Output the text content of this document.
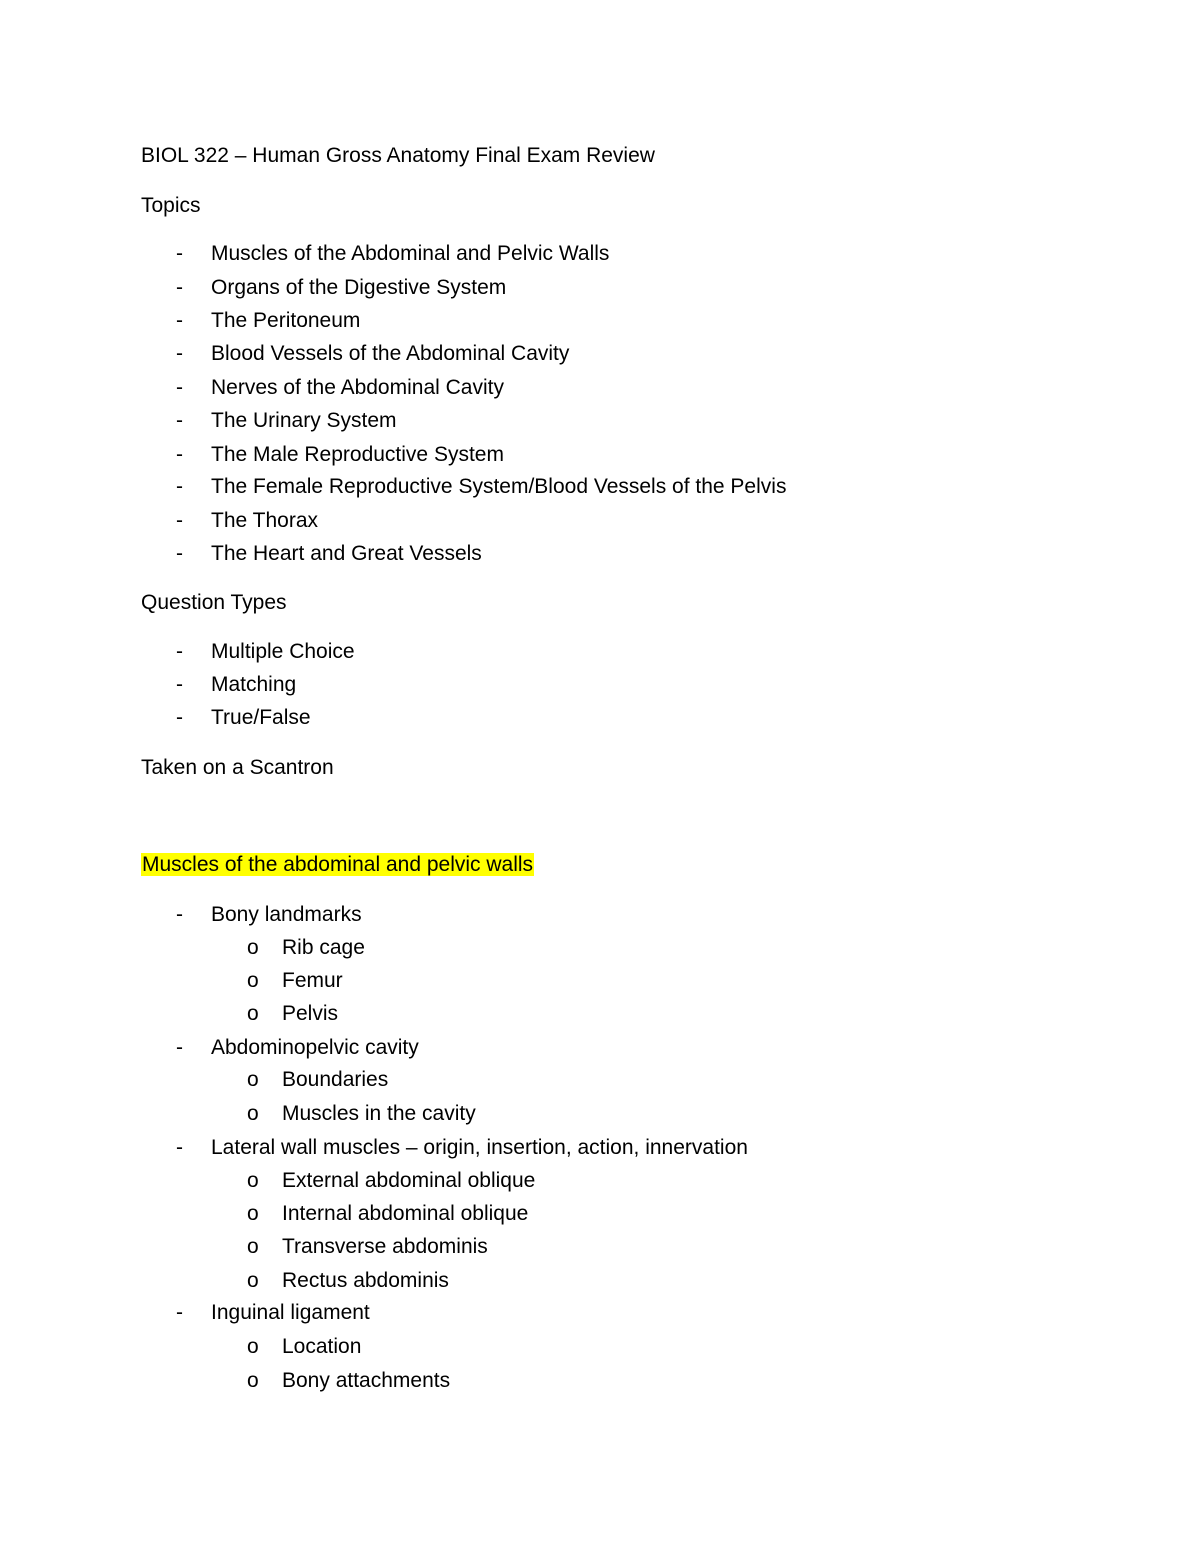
BIOL 322 – Human Gross Anatomy Final Exam Review
Topics
- Muscles of the Abdominal and Pelvic Walls
- Organs of the Digestive System
- The Peritoneum
- Blood Vessels of the Abdominal Cavity
- Nerves of the Abdominal Cavity
- The Urinary System
- The Male Reproductive System
- The Female Reproductive System/Blood Vessels of the Pelvis
- The Thorax
- The Heart and Great Vessels
Question Types
- Multiple Choice
- Matching
- True/False
Taken on a Scantron
Muscles of the abdominal and pelvic walls
- Bony landmarks
o Rib cage
o Femur
o Pelvis
- Abdominopelvic cavity
o Boundaries
o Muscles in the cavity
- Lateral wall muscles – origin, insertion, action, innervation
o External abdominal oblique
o Internal abdominal oblique
o Transverse abdominis
o Rectus abdominis
- Inguinal ligament
o Location
o Bony attachments
